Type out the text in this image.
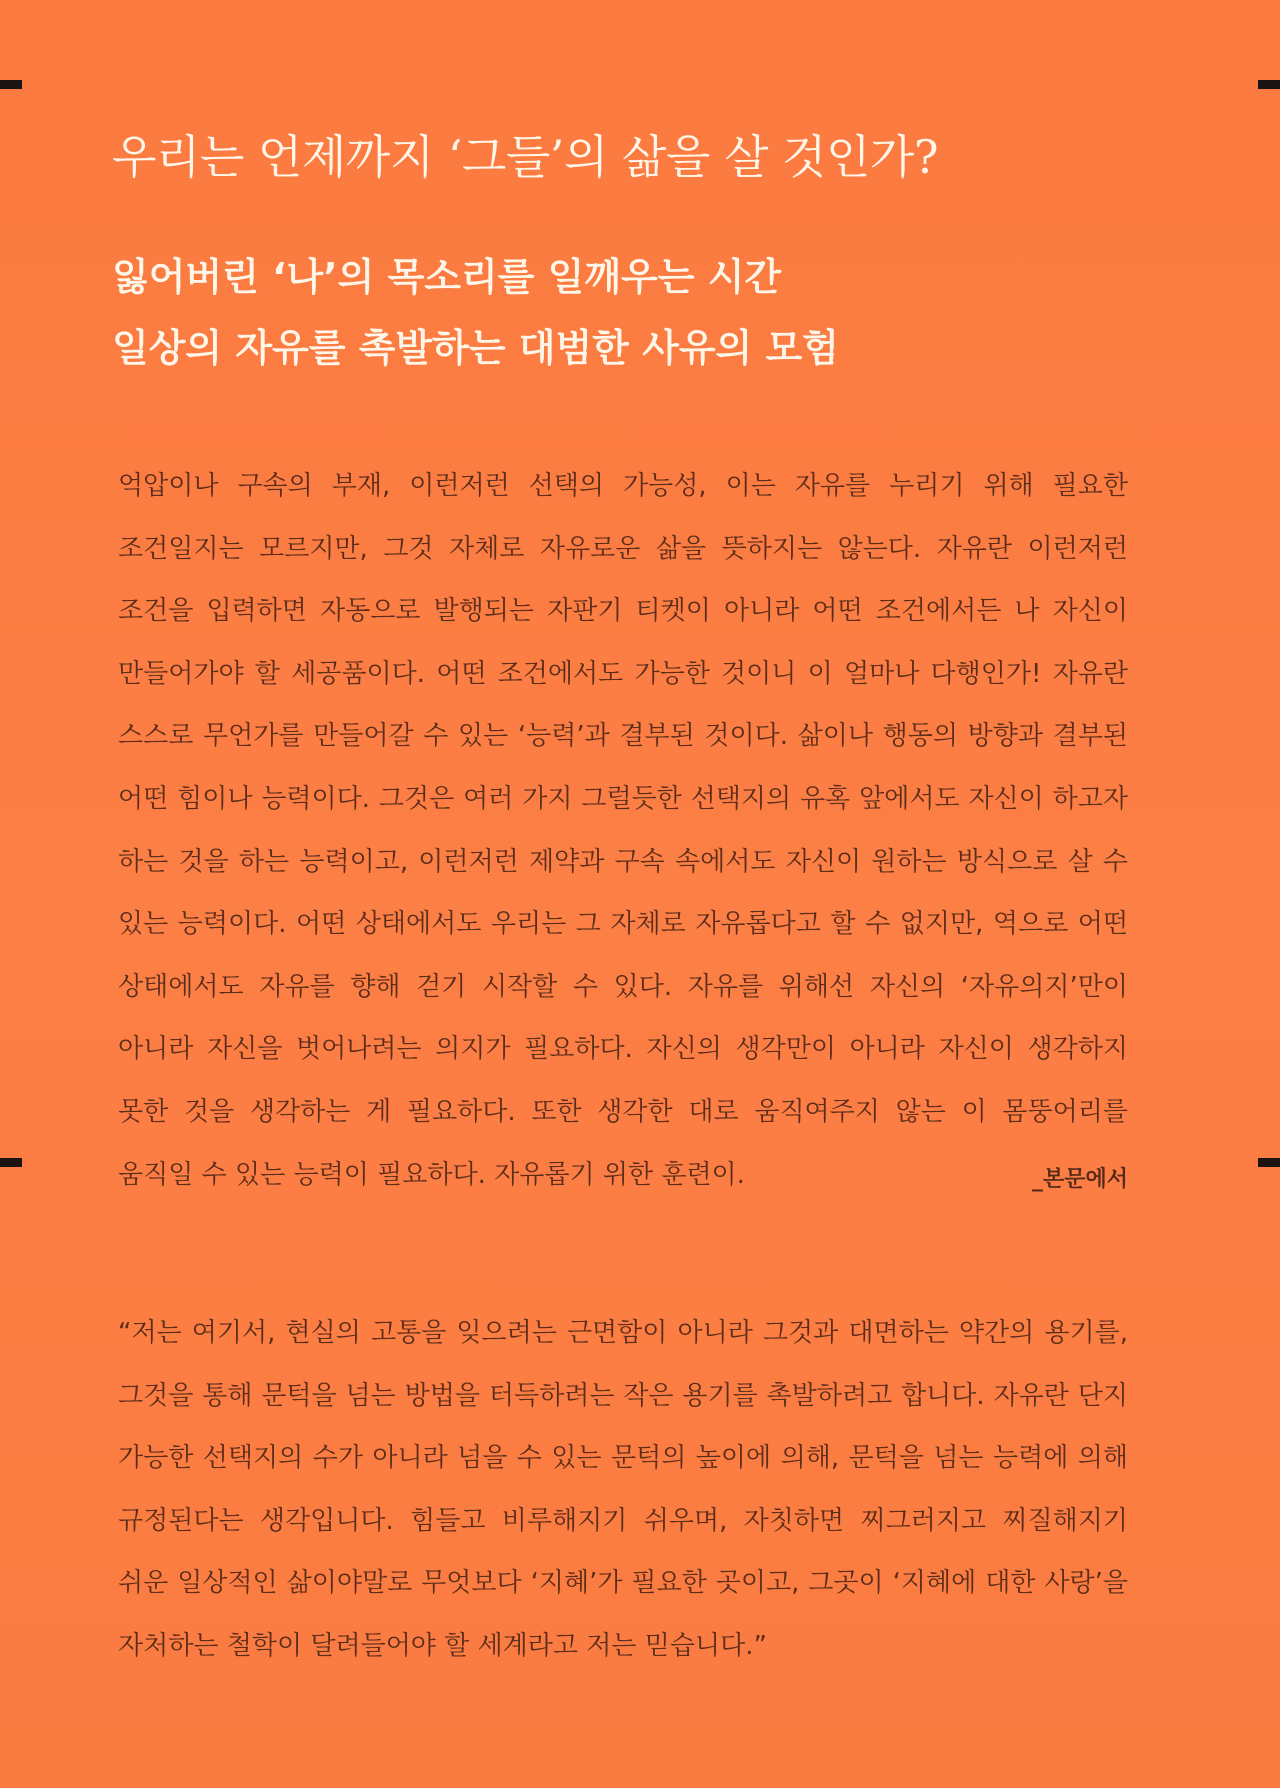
우리는 언제까지 ‘그들’의 삶을 살 것인가?
잃어버린 ‘나’의 목소리를 일깨우는 시간
일상의 자유를 촉발하는 대범한 사유의 모험

억압이나 구속의 부재, 이런저런 선택의 가능성, 이는 자유를 누리기 위해 필요한 조건일지는 모르지만, 그것 자체로 자유로운 삶을 뜻하지는 않는다. 자유란 이런저런 조건을 입력하면 자동으로 발행되는 자판기 티켓이 아니라 어떤 조건에서든 나 자신이 만들어가야 할 세공품이다. 어떤 조건에서도 가능한 것이니 이 얼마나 다행인가! 자유란 스스로 무언가를 만들어갈 수 있는 ‘능력’과 결부된 것이다. 삶이나 행동의 방향과 결부된 어떤 힘이나 능력이다. 그것은 여러 가지 그럴듯한 선택지의 유혹 앞에서도 자신이 하고자 하는 것을 하는 능력이고, 이런저런 제약과 구속 속에서도 자신이 원하는 방식으로 살 수 있는 능력이다. 어떤 상태에서도 우리는 그 자체로 자유롭다고 할 수 없지만, 역으로 어떤 상태에서도 자유를 향해 걷기 시작할 수 있다. 자유를 위해선 자신의 ‘자유의지’만이 아니라 자신을 벗어나려는 의지가 필요하다. 자신의 생각만이 아니라 자신이 생각하지 못한 것을 생각하는 게 필요하다. 또한 생각한 대로 움직여주지 않는 이 몸뚱어리를 움직일 수 있는 능력이 필요하다. 자유롭기 위한 훈련이.	_본문에서

“저는 여기서, 현실의 고통을 잊으려는 근면함이 아니라 그것과 대면하는 약간의 용기를, 그것을 통해 문턱을 넘는 방법을 터득하려는 작은 용기를 촉발하려고 합니다. 자유란 단지 가능한 선택지의 수가 아니라 넘을 수 있는 문턱의 높이에 의해, 문턱을 넘는 능력에 의해 규정된다는 생각입니다. 힘들고 비루해지기 쉬우며, 자칫하면 찌그러지고 찌질해지기 쉬운 일상적인 삶이야말로 무엇보다 ‘지혜’가 필요한 곳이고, 그곳이 ‘지혜에 대한 사랑’을 자처하는 철학이 달려들어야 할 세계라고 저는 믿습니다.”
